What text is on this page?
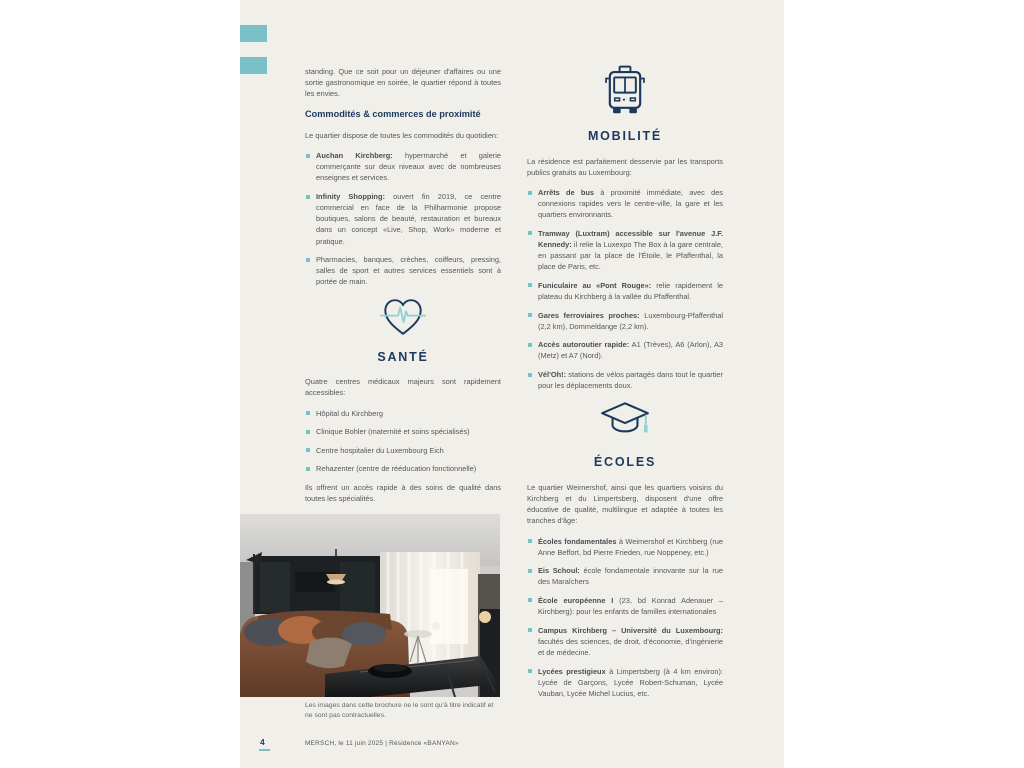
standing. Que ce soit pour un déjeuner d'affaires ou une sortie gastronomique en soirée, le quartier répond à toutes les envies.

Commodités & commerces de proximité

Le quartier dispose de toutes les commodités du quotidien:

Auchan Kirchberg: hypermarché et galerie commerçante sur deux niveaux avec de nombreuses enseignes et services.
Infinity Shopping: ouvert fin 2019, ce centre commercial en face de la Philharmonie propose boutiques, salons de beauté, restauration et bureaux dans un concept «Live, Shop, Work» moderne et pratique.
Pharmacies, banques, crèches, coiffeurs, pressing, salles de sport et autres services essentiels sont à portée de main.
SANTÉ

Quatre centres médicaux majeurs sont rapidement accessibles:

Hôpital du Kirchberg
Clinique Bohler (maternité et soins spécialisés)
Centre hospitalier du Luxembourg Eich
Rehazenter (centre de rééducation fonctionnelle)

Ils offrent un accès rapide à des soins de qualité dans toutes les spécialités.

MOBILITÉ

La résidence est parfaitement desservie par les transports publics gratuits au Luxembourg:

Arrêts de bus à proximité immédiate, avec des connexions rapides vers le centre-ville, la gare et les quartiers environnants.
Tramway (Luxtram) accessible sur l'avenue J.F. Kennedy: il relie la Luxexpo The Box à la gare centrale, en passant par la place de l'Étoile, le Pfaffenthal, la place de Paris, etc.
Funiculaire au «Pont Rouge»: relie rapidement le plateau du Kirchberg à la vallée du Pfaffenthal.
Gares ferroviaires proches: Luxembourg-Pfaffenthal (2,2 km), Dommeldange (2,2 km).
Accès autoroutier rapide: A1 (Trèves), A6 (Arlon), A3 (Metz) et A7 (Nord).
Vél'Oh!: stations de vélos partagés dans tout le quartier pour les déplacements doux.
ÉCOLES

Le quartier Weimershof, ainsi que les quartiers voisins du Kirchberg et du Limpertsberg, disposent d'une offre éducative de qualité, multilingue et adaptée à toutes les tranches d'âge:

Écoles fondamentales à Weimershof et Kirchberg (rue Anne Beffort, bd Pierre Frieden, rue Noppeney, etc.)
Eis Schoul: école fondamentale innovante sur la rue des Maraîchers
École européenne I (23, bd Konrad Adenauer – Kirchberg): pour les enfants de familles internationales
Campus Kirchberg – Université du Luxembourg: facultés des sciences, de droit, d'économie, d'ingénierie et de médecine.
Lycées prestigieux à Limpertsberg (à 4 km environ): Lycée de Garçons, Lycée Robert-Schuman, Lycée Vauban, Lycée Michel Lucius, etc.
Les images dans cette brochure ne le sont qu'à titre indicatif et ne sont pas contractuelles.
4	MERSCH, le 11 juin 2025 | Résidence «BANYAN»
